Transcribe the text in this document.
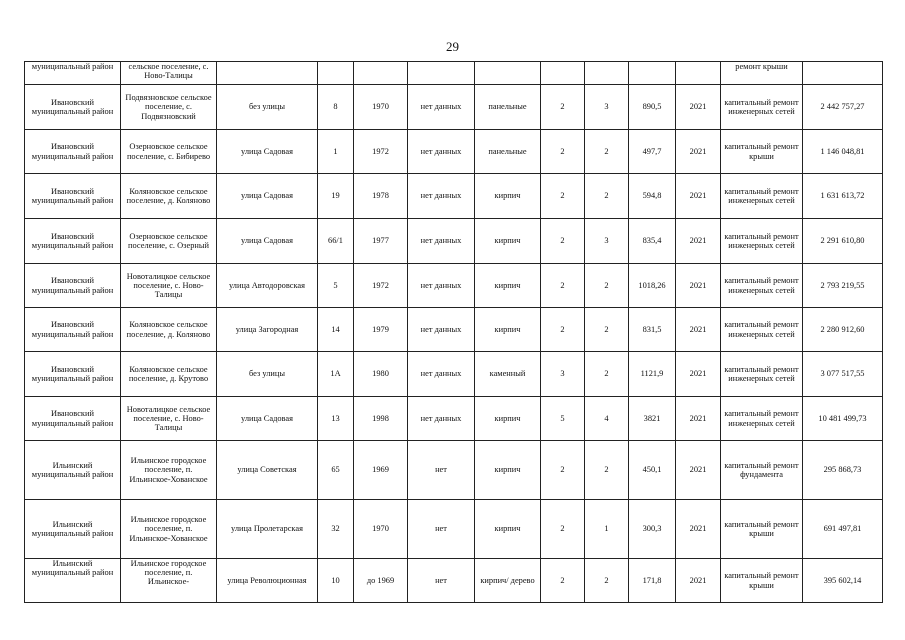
29
муниципальный район	сельское поселение, с. Ново-Талицы										ремонт крыши	
Ивановский муниципальный район	Подвязновское сельское поселение, с. Подвязновский	без улицы	8	1970	нет данных	панельные	2	3	890,5	2021	капитальный ремонт инженерных сетей	2 442 757,27
Ивановский муниципальный район	Озерновское сельское поселение, с. Бибирево	улица Садовая	1	1972	нет данных	панельные	2	2	497,7	2021	капитальный ремонт крыши	1 146 048,81
Ивановский муниципальный район	Коляновское сельское поселение, д. Коляново	улица Садовая	19	1978	нет данных	кирпич	2	2	594,8	2021	капитальный ремонт инженерных сетей	1 631 613,72
Ивановский муниципальный район	Озерновское сельское поселение, с. Озерный	улица Садовая	66/1	1977	нет данных	кирпич	2	3	835,4	2021	капитальный ремонт инженерных сетей	2 291 610,80
Ивановский муниципальный район	Новоталицкое сельское поселение, с. Ново-Талицы	улица Автодоровская	5	1972	нет данных	кирпич	2	2	1018,26	2021	капитальный ремонт инженерных сетей	2 793 219,55
Ивановский муниципальный район	Коляновское сельское поселение, д. Коляново	улица Загородная	14	1979	нет данных	кирпич	2	2	831,5	2021	капитальный ремонт инженерных сетей	2 280 912,60
Ивановский муниципальный район	Коляновское сельское поселение, д. Крутово	без улицы	1А	1980	нет данных	каменный	3	2	1121,9	2021	капитальный ремонт инженерных сетей	3 077 517,55
Ивановский муниципальный район	Новоталицкое сельское поселение, с. Ново-Талицы	улица Садовая	13	1998	нет данных	кирпич	5	4	3821	2021	капитальный ремонт инженерных сетей	10 481 499,73
Ильинский муниципальный район	Ильинское городское поселение, п. Ильинское-Хованское	улица Советская	65	1969	нет	кирпич	2	2	450,1	2021	капитальный ремонт фундамента	295 868,73
Ильинский муниципальный район	Ильинское городское поселение, п. Ильинское-Хованское	улица Пролетарская	32	1970	нет	кирпич	2	1	300,3	2021	капитальный ремонт крыши	691 497,81
Ильинский муниципальный район	Ильинское городское поселение, п. Ильинское-	улица Революционная	10	до 1969	нет	кирпич/ дерево	2	2	171,8	2021	капитальный ремонт крыши	395 602,14
